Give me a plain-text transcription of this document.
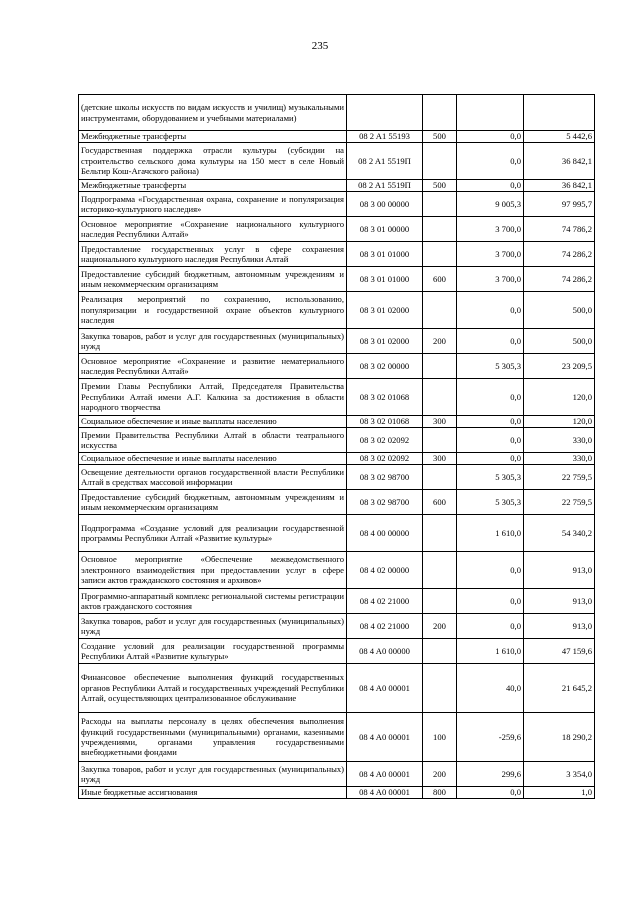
235
(детские школы искусств по видам искусств и училищ) музыкальными инструментами, оборудованием и учебными материалами)				
Межбюджетные трансферты	08 2 A1 55193	500	0,0	5 442,6
Государственная поддержка отрасли культуры (субсидии на строительство сельского дома культуры на 150 мест в селе Новый Бельтир Кош-Агачского района)	08 2 A1 5519П		0,0	36 842,1
Межбюджетные трансферты	08 2 A1 5519П	500	0,0	36 842,1
Подпрограмма «Государственная охрана, сохранение и популяризация историко-культурного наследия»	08 3 00 00000		9 005,3	97 995,7
Основное мероприятие «Сохранение национального культурного наследия Республики Алтай»	08 3 01 00000		3 700,0	74 786,2
Предоставление государственных услуг в сфере сохранения национального культурного наследия Республики Алтай	08 3 01 01000		3 700,0	74 286,2
Предоставление субсидий бюджетным, автономным учреждениям и иным некоммерческим организациям	08 3 01 01000	600	3 700,0	74 286,2
Реализация мероприятий по сохранению, использованию, популяризации и государственной охране объектов культурного наследия	08 3 01 02000		0,0	500,0
Закупка товаров, работ и услуг для государственных (муниципальных) нужд	08 3 01 02000	200	0,0	500,0
Основное мероприятие «Сохранение и развитие нематериального наследия Республики Алтай»	08 3 02 00000		5 305,3	23 209,5
Премии Главы Республики Алтай, Председателя Правительства Республики Алтай имени А.Г. Калкина за достижения в области народного творчества	08 3 02 01068		0,0	120,0
Социальное обеспечение и иные выплаты населению	08 3 02 01068	300	0,0	120,0
Премии Правительства Республики Алтай в области театрального искусства	08 3 02 02092		0,0	330,0
Социальное обеспечение и иные выплаты населению	08 3 02 02092	300	0,0	330,0
Освещение деятельности органов государственной власти Республики Алтай в средствах массовой информации	08 3 02 98700		5 305,3	22 759,5
Предоставление субсидий бюджетным, автономным учреждениям и иным некоммерческим организациям	08 3 02 98700	600	5 305,3	22 759,5
Подпрограмма «Создание условий для реализации государственной программы Республики Алтай «Развитие культуры»	08 4 00 00000		1 610,0	54 340,2
Основное мероприятие «Обеспечение межведомственного электронного взаимодействия при предоставлении услуг в сфере записи актов гражданского состояния и архивов»	08 4 02 00000		0,0	913,0
Программно-аппаратный комплекс региональной системы регистрации актов гражданского состояния	08 4 02 21000		0,0	913,0
Закупка товаров, работ и услуг для государственных (муниципальных) нужд	08 4 02 21000	200	0,0	913,0
Создание условий для реализации государственной программы Республики Алтай «Развитие культуры»	08 4 A0 00000		1 610,0	47 159,6
Финансовое обеспечение выполнения функций государственных органов Республики Алтай и государственных учреждений Республики Алтай, осуществляющих централизованное обслуживание	08 4 A0 00001		40,0	21 645,2
Расходы на выплаты персоналу в целях обеспечения выполнения функций государственными (муниципальными) органами, казенными учреждениями, органами управления государственными внебюджетными фондами	08 4 A0 00001	100	-259,6	18 290,2
Закупка товаров, работ и услуг для государственных (муниципальных) нужд	08 4 A0 00001	200	299,6	3 354,0
Иные бюджетные ассигнования	08 4 A0 00001	800	0,0	1,0
